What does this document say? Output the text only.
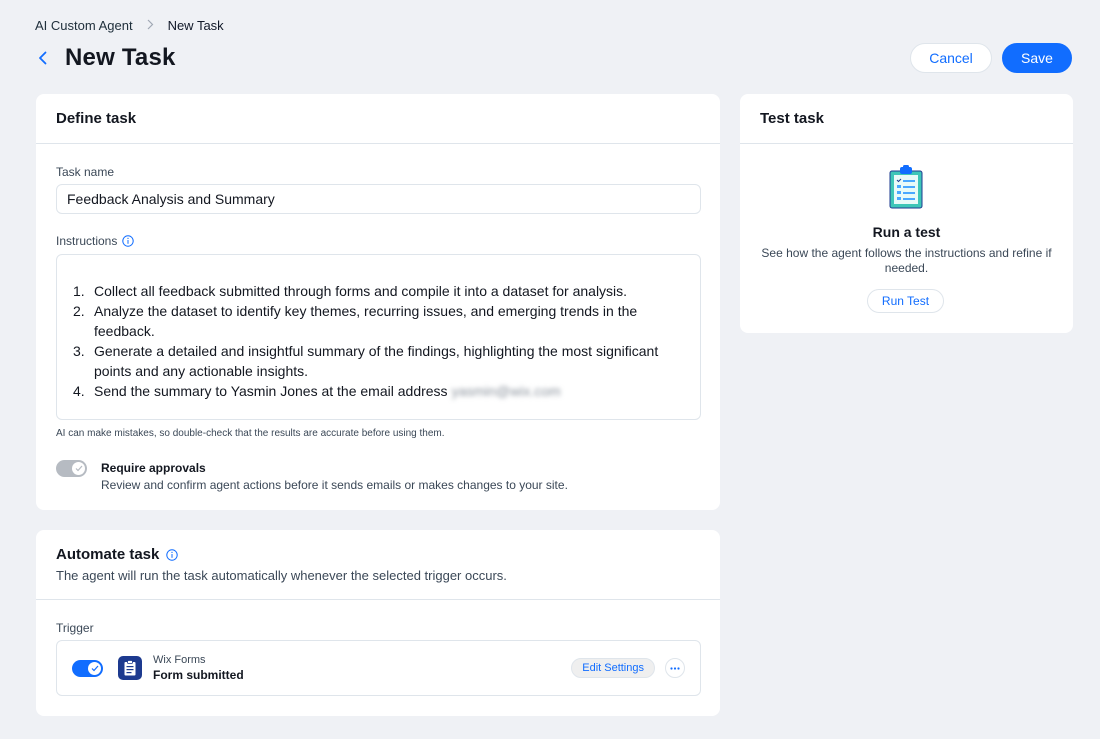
AI Custom Agent	New Task
New Task	Cancel	Save
Define task
Task name
Feedback Analysis and Summary
Instructions
1. Collect all feedback submitted through forms and compile it into a dataset for analysis.
2. Analyze the dataset to identify key themes, recurring issues, and emerging trends in the feedback.
3. Generate a detailed and insightful summary of the findings, highlighting the most significant points and any actionable insights.
4. Send the summary to Yasmin Jones at the email address yasmin@wix.com
AI can make mistakes, so double-check that the results are accurate before using them.
Require approvals
Review and confirm agent actions before it sends emails or makes changes to your site.
Test task
Run a test
See how the agent follows the instructions and refine if needed.
Run Test
Automate task
The agent will run the task automatically whenever the selected trigger occurs.
Trigger
Wix Forms
Form submitted	Edit Settings
